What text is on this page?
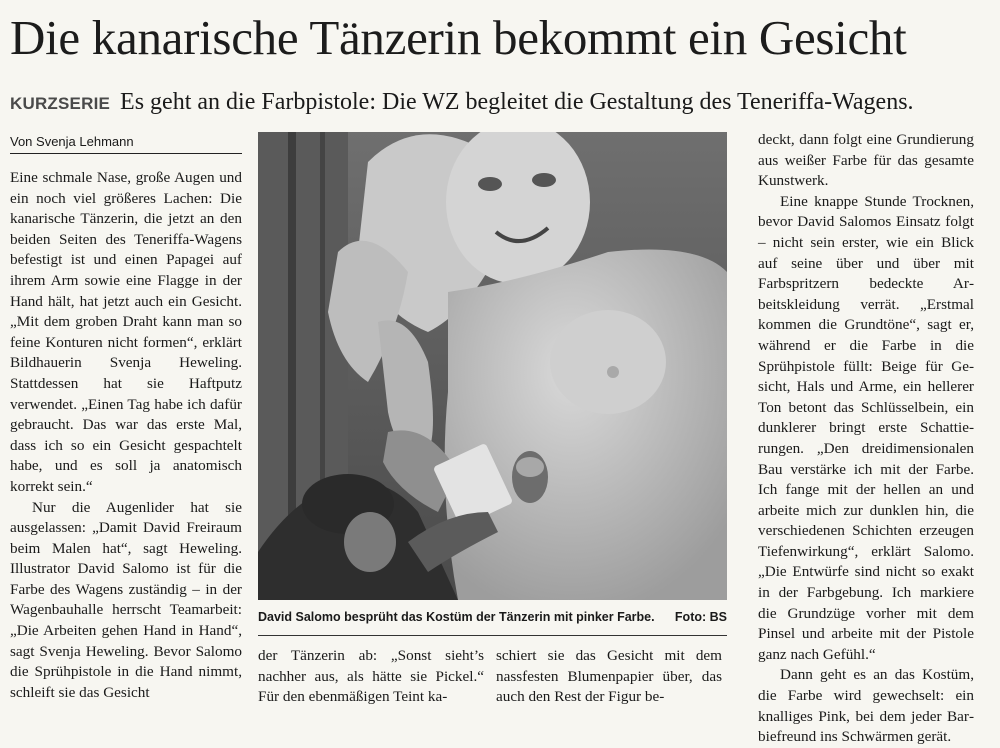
Die kanarische Tänzerin bekommt ein Gesicht
KURZSERIE Es geht an die Farbpistole: Die WZ begleitet die Gestaltung des Teneriffa-Wagens.
Von Svenja Lehmann

Eine schmale Nase, große Augen und ein noch viel größeres Lachen: Die kanarische Tänzerin, die jetzt an den beiden Seiten des Teneriffa-Wagens befestigt ist und einen Papagei auf ihrem Arm sowie eine Flagge in der Hand hält, hat jetzt auch ein Gesicht. „Mit dem groben Draht kann man so feine Konturen nicht formen“, erklärt Bildhauerin Svenja Heweling. Stattdessen hat sie Haftputz verwendet. „Einen Tag habe ich dafür gebraucht. Das war das erste Mal, dass ich so ein Gesicht gespachtelt habe, und es soll ja anatomisch korrekt sein.“

Nur die Augenlider hat sie ausgelassen: „Damit David Freiraum beim Malen hat“, sagt Heweling. Illustrator David Salomo ist für die Farbe des Wagens zuständig – in der Wagenbauhalle herrscht Teamarbeit: „Die Arbeiten gehen Hand in Hand“, sagt Svenja Heweling. Bevor Salomo die Sprühpistole in die Hand nimmt, schleift sie das Gesicht

David Salomo besprüht das Kostüm der Tänzerin mit pinker Farbe. Foto: BS

der Tänzerin ab: „Sonst sieht’s nachher aus, als hätte sie Pickel.“ Für den ebenmäßigen Teint ka-

schiert sie das Gesicht mit dem nassfesten Blumenpapier über, das auch den Rest der Figur be-

deckt, dann folgt eine Grundierung aus weißer Farbe für das gesamte Kunstwerk.

Eine knappe Stunde Trocknen, bevor David Salomos Einsatz folgt – nicht sein erster, wie ein Blick auf seine über und über mit Farbspritzern bedeckte Arbeitskleidung verrät. „Erstmal kommen die Grundtöne“, sagt er, während er die Farbe in die Sprühpistole füllt: Beige für Gesicht, Hals und Arme, ein hellerer Ton betont das Schlüsselbein, ein dunklerer bringt erste Schattierungen. „Den dreidimensionalen Bau verstärke ich mit der Farbe. Ich fange mit der hellen an und arbeite mich zur dunklen hin, die verschiedenen Schichten erzeugen Tiefenwirkung“, erklärt Salomo. „Die Entwürfe sind nicht so exakt in der Farbgebung. Ich markiere die Grundzüge vorher mit dem Pinsel und arbeite mit der Pistole ganz nach Gefühl.“

Dann geht es an das Kostüm, die Farbe wird gewechselt: ein knalliges Pink, bei dem jeder Barbiefreund ins Schwärmen gerät.
